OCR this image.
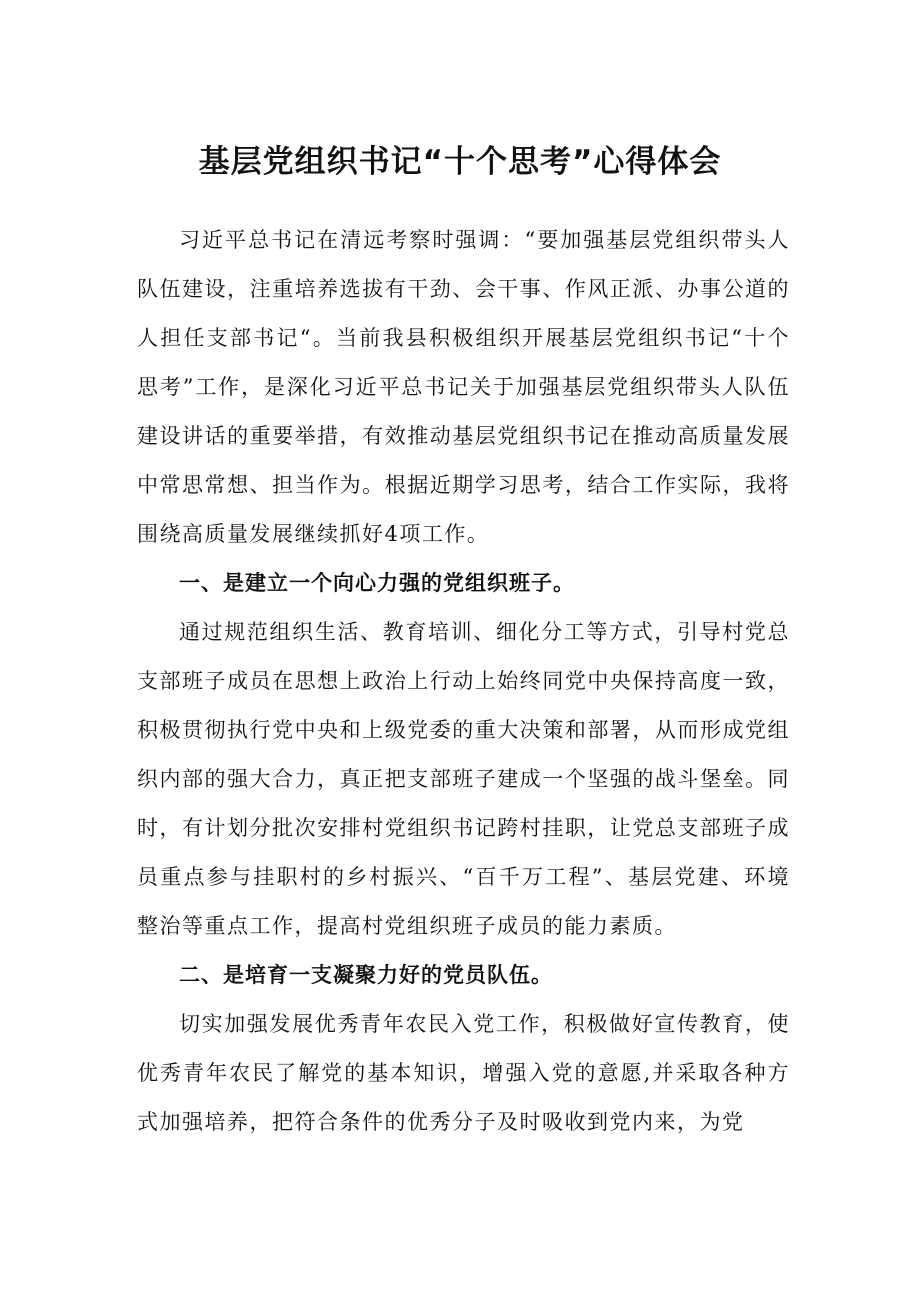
基层党组织书记“十个思考”心得体会

习近平总书记在清远考察时强调：“要加强基层党组织带头人队伍建设，注重培养选拔有干劲、会干事、作风正派、办事公道的人担任支部书记“。当前我县积极组织开展基层党组织书记“十个思考”工作，是深化习近平总书记关于加强基层党组织带头人队伍建设讲话的重要举措，有效推动基层党组织书记在推动高质量发展中常思常想、担当作为。根据近期学习思考，结合工作实际，我将围绕高质量发展继续抓好4项工作。

一、是建立一个向心力强的党组织班子。

通过规范组织生活、教育培训、细化分工等方式，引导村党总支部班子成员在思想上政治上行动上始终同党中央保持高度一致，积极贯彻执行党中央和上级党委的重大决策和部署，从而形成党组织内部的强大合力，真正把支部班子建成一个坚强的战斗堡垒。同时，有计划分批次安排村党组织书记跨村挂职，让党总支部班子成员重点参与挂职村的乡村振兴、“百千万工程”、基层党建、环境整治等重点工作，提高村党组织班子成员的能力素质。

二、是培育一支凝聚力好的党员队伍。

切实加强发展优秀青年农民入党工作，积极做好宣传教育，使优秀青年农民了解党的基本知识，增强入党的意愿,并采取各种方式加强培养，把符合条件的优秀分子及时吸收到党内来，为党
